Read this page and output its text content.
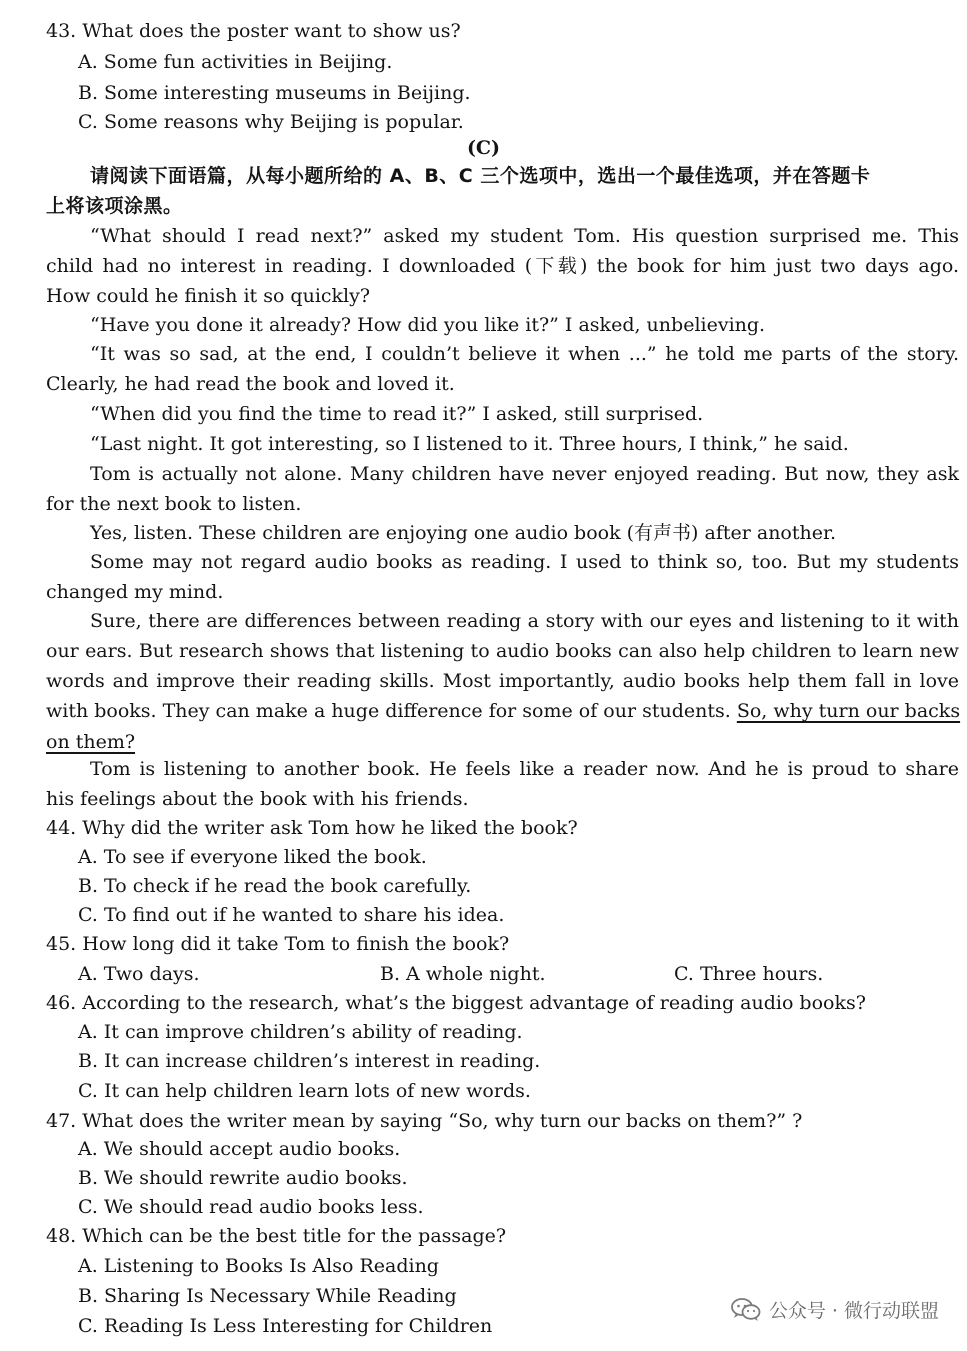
43. What does the poster want to show us?
A. Some fun activities in Beijing.
B. Some interesting museums in Beijing.
C. Some reasons why Beijing is popular.
(C)
请阅读下面语篇，从每小题所给的 A、B、C 三个选项中，选出一个最佳选项，并在答题卡
上将该项涂黑。
“What should I read next?” asked my student Tom. His question surprised me. This
child had no interest in reading. I downloaded (下载) the book for him just two days ago.
How could he finish it so quickly?
“Have you done it already? How did you like it?” I asked, unbelieving.
“It was so sad, at the end, I couldn’t believe it when ...” he told me parts of the story.
Clearly, he had read the book and loved it.
“When did you find the time to read it?” I asked, still surprised.
“Last night. It got interesting, so I listened to it. Three hours, I think,” he said.
Tom is actually not alone. Many children have never enjoyed reading. But now, they ask
for the next book to listen.
Yes, listen. These children are enjoying one audio book (有声书) after another.
Some may not regard audio books as reading. I used to think so, too. But my students
changed my mind.
Sure, there are differences between reading a story with our eyes and listening to it with
our ears. But research shows that listening to audio books can also help children to learn new
words and improve their reading skills. Most importantly, audio books help them fall in love
with books. They can make a huge difference for some of our students. So, why turn our backs
on them?
Tom is listening to another book. He feels like a reader now. And he is proud to share
his feelings about the book with his friends.
44. Why did the writer ask Tom how he liked the book?
A. To see if everyone liked the book.
B. To check if he read the book carefully.
C. To find out if he wanted to share his idea.
45. How long did it take Tom to finish the book?
A. Two days.	B. A whole night.	C. Three hours.
46. According to the research, what’s the biggest advantage of reading audio books?
A. It can improve children’s ability of reading.
B. It can increase children’s interest in reading.
C. It can help children learn lots of new words.
47. What does the writer mean by saying “So, why turn our backs on them?” ?
A. We should accept audio books.
B. We should rewrite audio books.
C. We should read audio books less.
48. Which can be the best title for the passage?
A. Listening to Books Is Also Reading
B. Sharing Is Necessary While Reading
C. Reading Is Less Interesting for Children
公众号 · 微行动联盟
